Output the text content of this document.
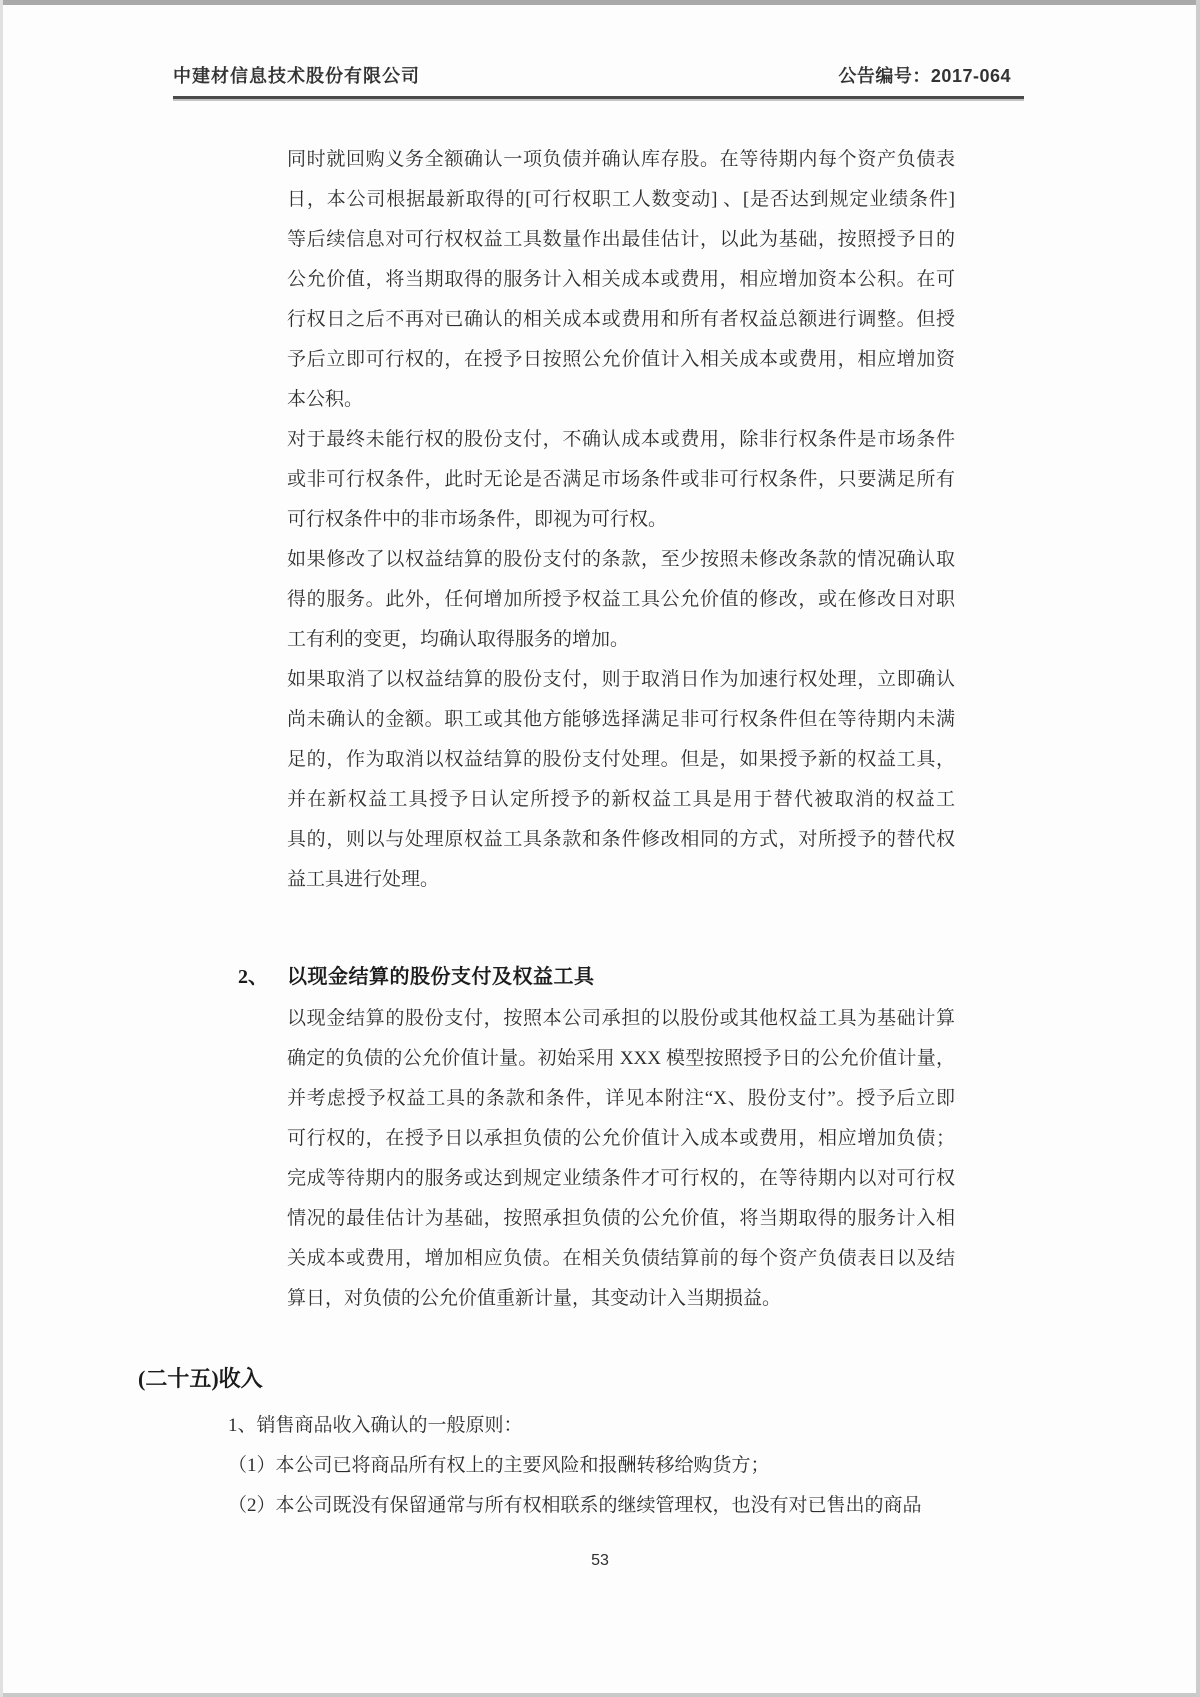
中建材信息技术股份有限公司	公告编号：2017-064
同时就回购义务全额确认一项负债并确认库存股。在等待期内每个资产负债表
日，本公司根据最新取得的[可行权职工人数变动] 、[是否达到规定业绩条件]
等后续信息对可行权权益工具数量作出最佳估计，以此为基础，按照授予日的
公允价值，将当期取得的服务计入相关成本或费用，相应增加资本公积。在可
行权日之后不再对已确认的相关成本或费用和所有者权益总额进行调整。但授
予后立即可行权的，在授予日按照公允价值计入相关成本或费用，相应增加资
本公积。
对于最终未能行权的股份支付，不确认成本或费用，除非行权条件是市场条件
或非可行权条件，此时无论是否满足市场条件或非可行权条件，只要满足所有
可行权条件中的非市场条件，即视为可行权。
如果修改了以权益结算的股份支付的条款，至少按照未修改条款的情况确认取
得的服务。此外，任何增加所授予权益工具公允价值的修改，或在修改日对职
工有利的变更，均确认取得服务的增加。
如果取消了以权益结算的股份支付，则于取消日作为加速行权处理，立即确认
尚未确认的金额。职工或其他方能够选择满足非可行权条件但在等待期内未满
足的，作为取消以权益结算的股份支付处理。但是，如果授予新的权益工具，
并在新权益工具授予日认定所授予的新权益工具是用于替代被取消的权益工
具的，则以与处理原权益工具条款和条件修改相同的方式，对所授予的替代权
益工具进行处理。
2、 以现金结算的股份支付及权益工具
以现金结算的股份支付，按照本公司承担的以股份或其他权益工具为基础计算
确定的负债的公允价值计量。初始采用 XXX 模型按照授予日的公允价值计量，
并考虑授予权益工具的条款和条件，详见本附注“X、股份支付”。授予后立即
可行权的，在授予日以承担负债的公允价值计入成本或费用，相应增加负债；
完成等待期内的服务或达到规定业绩条件才可行权的，在等待期内以对可行权
情况的最佳估计为基础，按照承担负债的公允价值，将当期取得的服务计入相
关成本或费用，增加相应负债。在相关负债结算前的每个资产负债表日以及结
算日，对负债的公允价值重新计量，其变动计入当期损益。
(二十五)收入
1、销售商品收入确认的一般原则：
（1）本公司已将商品所有权上的主要风险和报酬转移给购货方；
（2）本公司既没有保留通常与所有权相联系的继续管理权，也没有对已售出的商品
53
